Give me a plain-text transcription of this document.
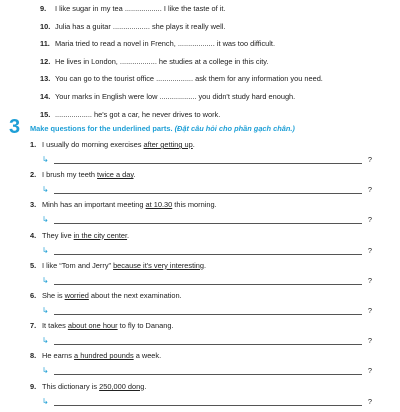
9. I like sugar in my tea .................. I like the taste of it.
10. Julia has a guitar .................. she plays it really well.
11. Maria tried to read a novel in French, .................. it was too difficult.
12. He lives in London, .................. he studies at a college in this city.
13. You can go to the tourist office .................. ask them for any information you need.
14. Your marks in English were low .................. you didn't study hard enough.
15. .................. he's got a car, he never drives to work.
3 Make questions for the underlined parts. (Đặt câu hỏi cho phần gạch chân.)
1. I usually do morning exercises after getting up.
↳	?
2. I brush my teeth twice a day.
↳	?
3. Minh has an important meeting at 10.30 this morning.
↳	?
4. They live in the city center.
↳	?
5. I like “Tom and Jerry” because it's very interesting.
↳	?
6. She is worried about the next examination.
↳	?
7. It takes about one hour to fly to Danang.
↳	?
8. He earns a hundred pounds a week.
↳	?
9. This dictionary is 250,000 dong.
↳	?
